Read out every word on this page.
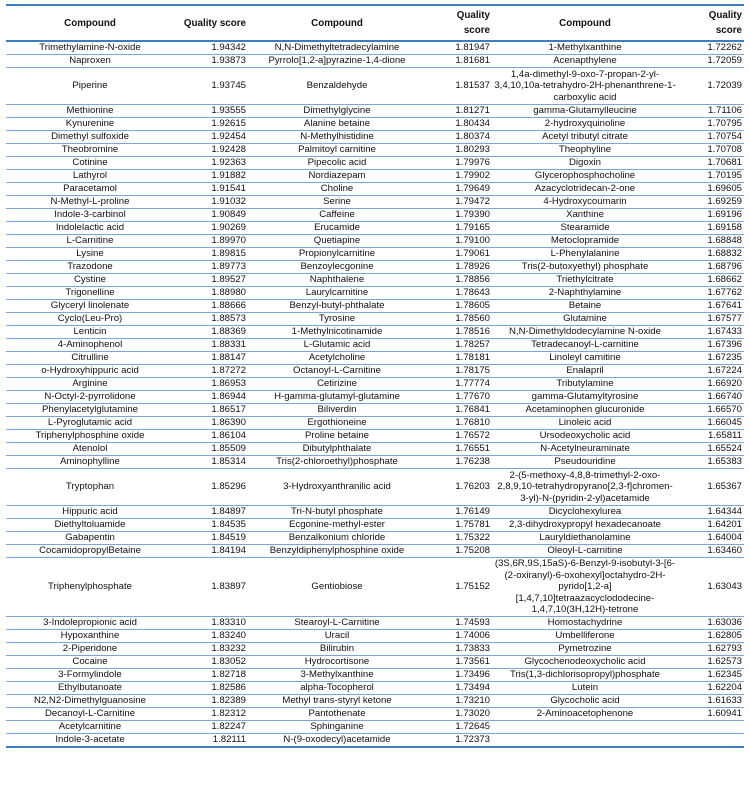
Compound	Quality score	Compound	Quality score	Compound	Quality score
Trimethylamine-N-oxide	1.94342	N,N-Dimethyltetradecylamine	1.81947	1-Methylxanthine	1.72262
Naproxen	1.93873	Pyrrolo[1,2-a]pyrazine-1,4-dione	1.81681	Acenapthylene	1.72059
Piperine	1.93745	Benzaldehyde	1.81537	1,4a-dimethyl-9-oxo-7-propan-2-yl-3,4,10,10a-tetrahydro-2H-phenanthrene-1-carboxylic acid	1.72039
Methionine	1.93555	Dimethylglycine	1.81271	gamma-Glutamylleucine	1.71106
Kynurenine	1.92615	Alanine betaine	1.80434	2-hydroxyquinoline	1.70795
Dimethyl sulfoxide	1.92454	N-Methylhistidine	1.80374	Acetyl tributyl citrate	1.70754
Theobromine	1.92428	Palmitoyl carnitine	1.80293	Theophyline	1.70708
Cotinine	1.92363	Pipecolic acid	1.79976	Digoxin	1.70681
Lathyrol	1.91882	Nordiazepam	1.79902	Glycerophosphocholine	1.70195
Paracetamol	1.91541	Choline	1.79649	Azacyclotridecan-2-one	1.69605
N-Methyl-L-proline	1.91032	Serine	1.79472	4-Hydroxycoumarin	1.69259
Indole-3-carbinol	1.90849	Caffeine	1.79390	Xanthine	1.69196
Indolelactic acid	1.90269	Erucamide	1.79165	Stearamide	1.69158
L-Carnitine	1.89970	Quetiapine	1.79100	Metoclopramide	1.68848
Lysine	1.89815	Propionylcarnitine	1.79061	L-Phenylalanine	1.68832
Trazodone	1.89773	Benzoylecgonine	1.78926	Tris(2-butoxyethyl) phosphate	1.68796
Cystine	1.89527	Naphthalene	1.78856	Triethylcitrate	1.68662
Trigonelline	1.88980	Laurylcarnitine	1.78643	2-Naphthylamine	1.67762
Glyceryl linolenate	1.88666	Benzyl-butyl-phthalate	1.78605	Betaine	1.67641
Cyclo(Leu-Pro)	1.88573	Tyrosine	1.78560	Glutamine	1.67577
Lenticin	1.88369	1-Methylnicotinamide	1.78516	N,N-Dimethyldodecylamine N-oxide	1.67433
4-Aminophenol	1.88331	L-Glutamic acid	1.78257	Tetradecanoyl-L-carnitine	1.67396
Citrulline	1.88147	Acetylcholine	1.78181	Linoleyl carnitine	1.67235
o-Hydroxyhippuric acid	1.87272	Octanoyl-L-Carnitine	1.78175	Enalapril	1.67224
Arginine	1.86953	Cetirizine	1.77774	Tributylamine	1.66920
N-Octyl-2-pyrrolidone	1.86944	H-gamma-glutamyl-glutamine	1.77670	gamma-Glutamyltyrosine	1.66740
Phenylacetylglutamine	1.86517	Biliverdin	1.76841	Acetaminophen glucuronide	1.66570
L-Pyroglutamic acid	1.86390	Ergothioneine	1.76810	Linoleic acid	1.66045
Triphenylphosphine oxide	1.86104	Proline betaine	1.76572	Ursodeoxycholic acid	1.65811
Atenolol	1.85509	Dibutylphthalate	1.76551	N-Acetylneuraminate	1.65524
Aminophylline	1.85314	Tris(2-chloroethyl)phosphate	1.76238	Pseudouridine	1.65383
Tryptophan	1.85296	3-Hydroxyanthranilic acid	1.76203	2-(5-methoxy-4,8,8-trimethyl-2-oxo-2,8,9,10-tetrahydropyrano[2,3-f]chromen-3-yl)-N-(pyridin-2-yl)acetamide	1.65367
Hippuric acid	1.84897	Tri-N-butyl phosphate	1.76149	Dicyclohexylurea	1.64344
Diethyltoluamide	1.84535	Ecgonine-methyl-ester	1.75781	2,3-dihydroxypropyl hexadecanoate	1.64201
Gabapentin	1.84519	Benzalkonium chloride	1.75322	Lauryldiethanolamine	1.64004
CocamidopropylBetaine	1.84194	Benzyldiphenylphosphine oxide	1.75208	Oleoyl-L-carnitine	1.63460
Triphenylphosphate	1.83897	Gentiobiose	1.75152	(3S,6R,9S,15aS)-6-Benzyl-9-isobutyl-3-[6-(2-oxiranyl)-6-oxohexyl]octahydro-2H-pyrido[1,2-a][1,4,7,10]tetraazacyclododecine-1,4,7,10(3H,12H)-tetrone	1.63043
3-Indolepropionic acid	1.83310	Stearoyl-L-Carnitine	1.74593	Homostachydrine	1.63036
Hypoxanthine	1.83240	Uracil	1.74006	Umbelliferone	1.62805
2-Piperidone	1.83232	Bilirubin	1.73833	Pymetrozine	1.62793
Cocaine	1.83052	Hydrocortisone	1.73561	Glycochenodeoxycholic acid	1.62573
3-Formylindole	1.82718	3-Methylxanthine	1.73496	Tris(1,3-dichlorisopropyl)phosphate	1.62345
Ethylbutanoate	1.82586	alpha-Tocopherol	1.73494	Lutein	1.62204
N2,N2-Dimethylguanosine	1.82389	Methyl trans-styryl ketone	1.73210	Glycocholic acid	1.61633
Decanoyl-L-Carnitine	1.82312	Pantothenate	1.73020	2-Aminoacetophenone	1.60941
Acetylcarnitine	1.82247	Sphinganine	1.72645		
Indole-3-acetate	1.82111	N-(9-oxodecyl)acetamide	1.72373		
